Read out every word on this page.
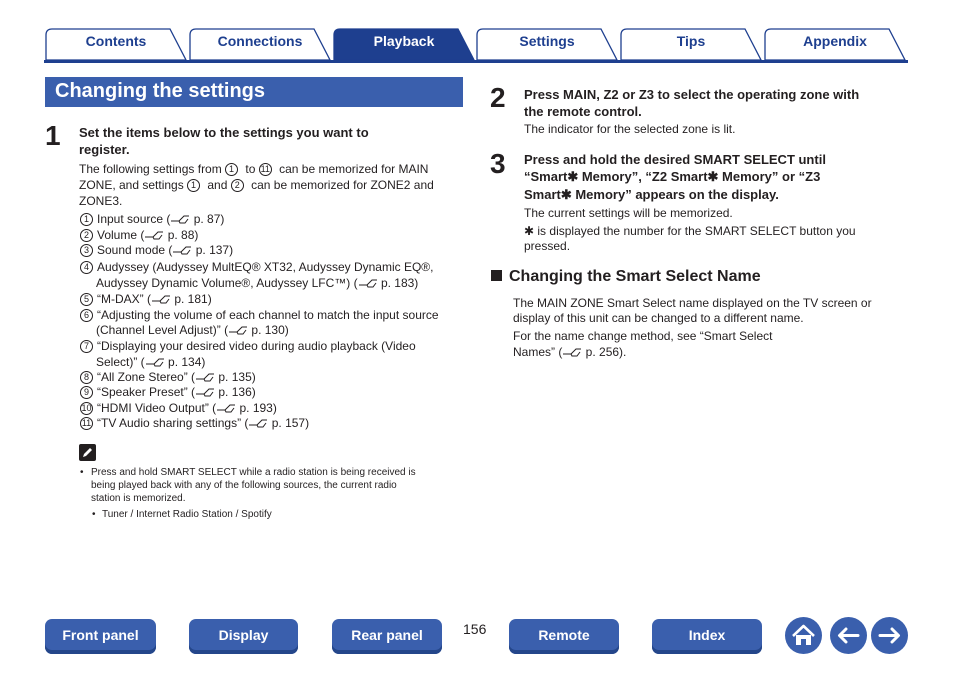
Contents	Connections	Playback	Settings	Tips	Appendix
Changing the settings
1 Set the items below to the settings you want to
register.
The following settings from 1 to 11 can be memorized for MAIN
ZONE, and settings 1 and 2 can be memorized for ZONE2 and
ZONE3.
1 Input source ( p. 87)
2 Volume ( p. 88)
3 Sound mode ( p. 137)
4 Audyssey (Audyssey MultEQ® XT32, Audyssey Dynamic EQ®,
Audyssey Dynamic Volume®, Audyssey LFC™) ( p. 183)
5 “M-DAX” ( p. 181)
6 “Adjusting the volume of each channel to match the input source
(Channel Level Adjust)” ( p. 130)
7 “Displaying your desired video during audio playback (Video
Select)” ( p. 134)
8 “All Zone Stereo” ( p. 135)
9 “Speaker Preset” ( p. 136)
10 “HDMI Video Output” ( p. 193)
11 “TV Audio sharing settings” ( p. 157)
• Press and hold SMART SELECT while a radio station is being received is
being played back with any of the following sources, the current radio
station is memorized.
• Tuner / Internet Radio Station / Spotify
2 Press MAIN, Z2 or Z3 to select the operating zone with
the remote control.
The indicator for the selected zone is lit.
3 Press and hold the desired SMART SELECT until
“Smart✱ Memory”, “Z2 Smart✱ Memory” or “Z3
Smart✱ Memory” appears on the display.
The current settings will be memorized.
✱ is displayed the number for the SMART SELECT button you
pressed.
Changing the Smart Select Name
The MAIN ZONE Smart Select name displayed on the TV screen or
display of this unit can be changed to a different name.
For the name change method, see “Smart Select
Names” ( p. 256).
Front panel	Display	Rear panel	156	Remote	Index
